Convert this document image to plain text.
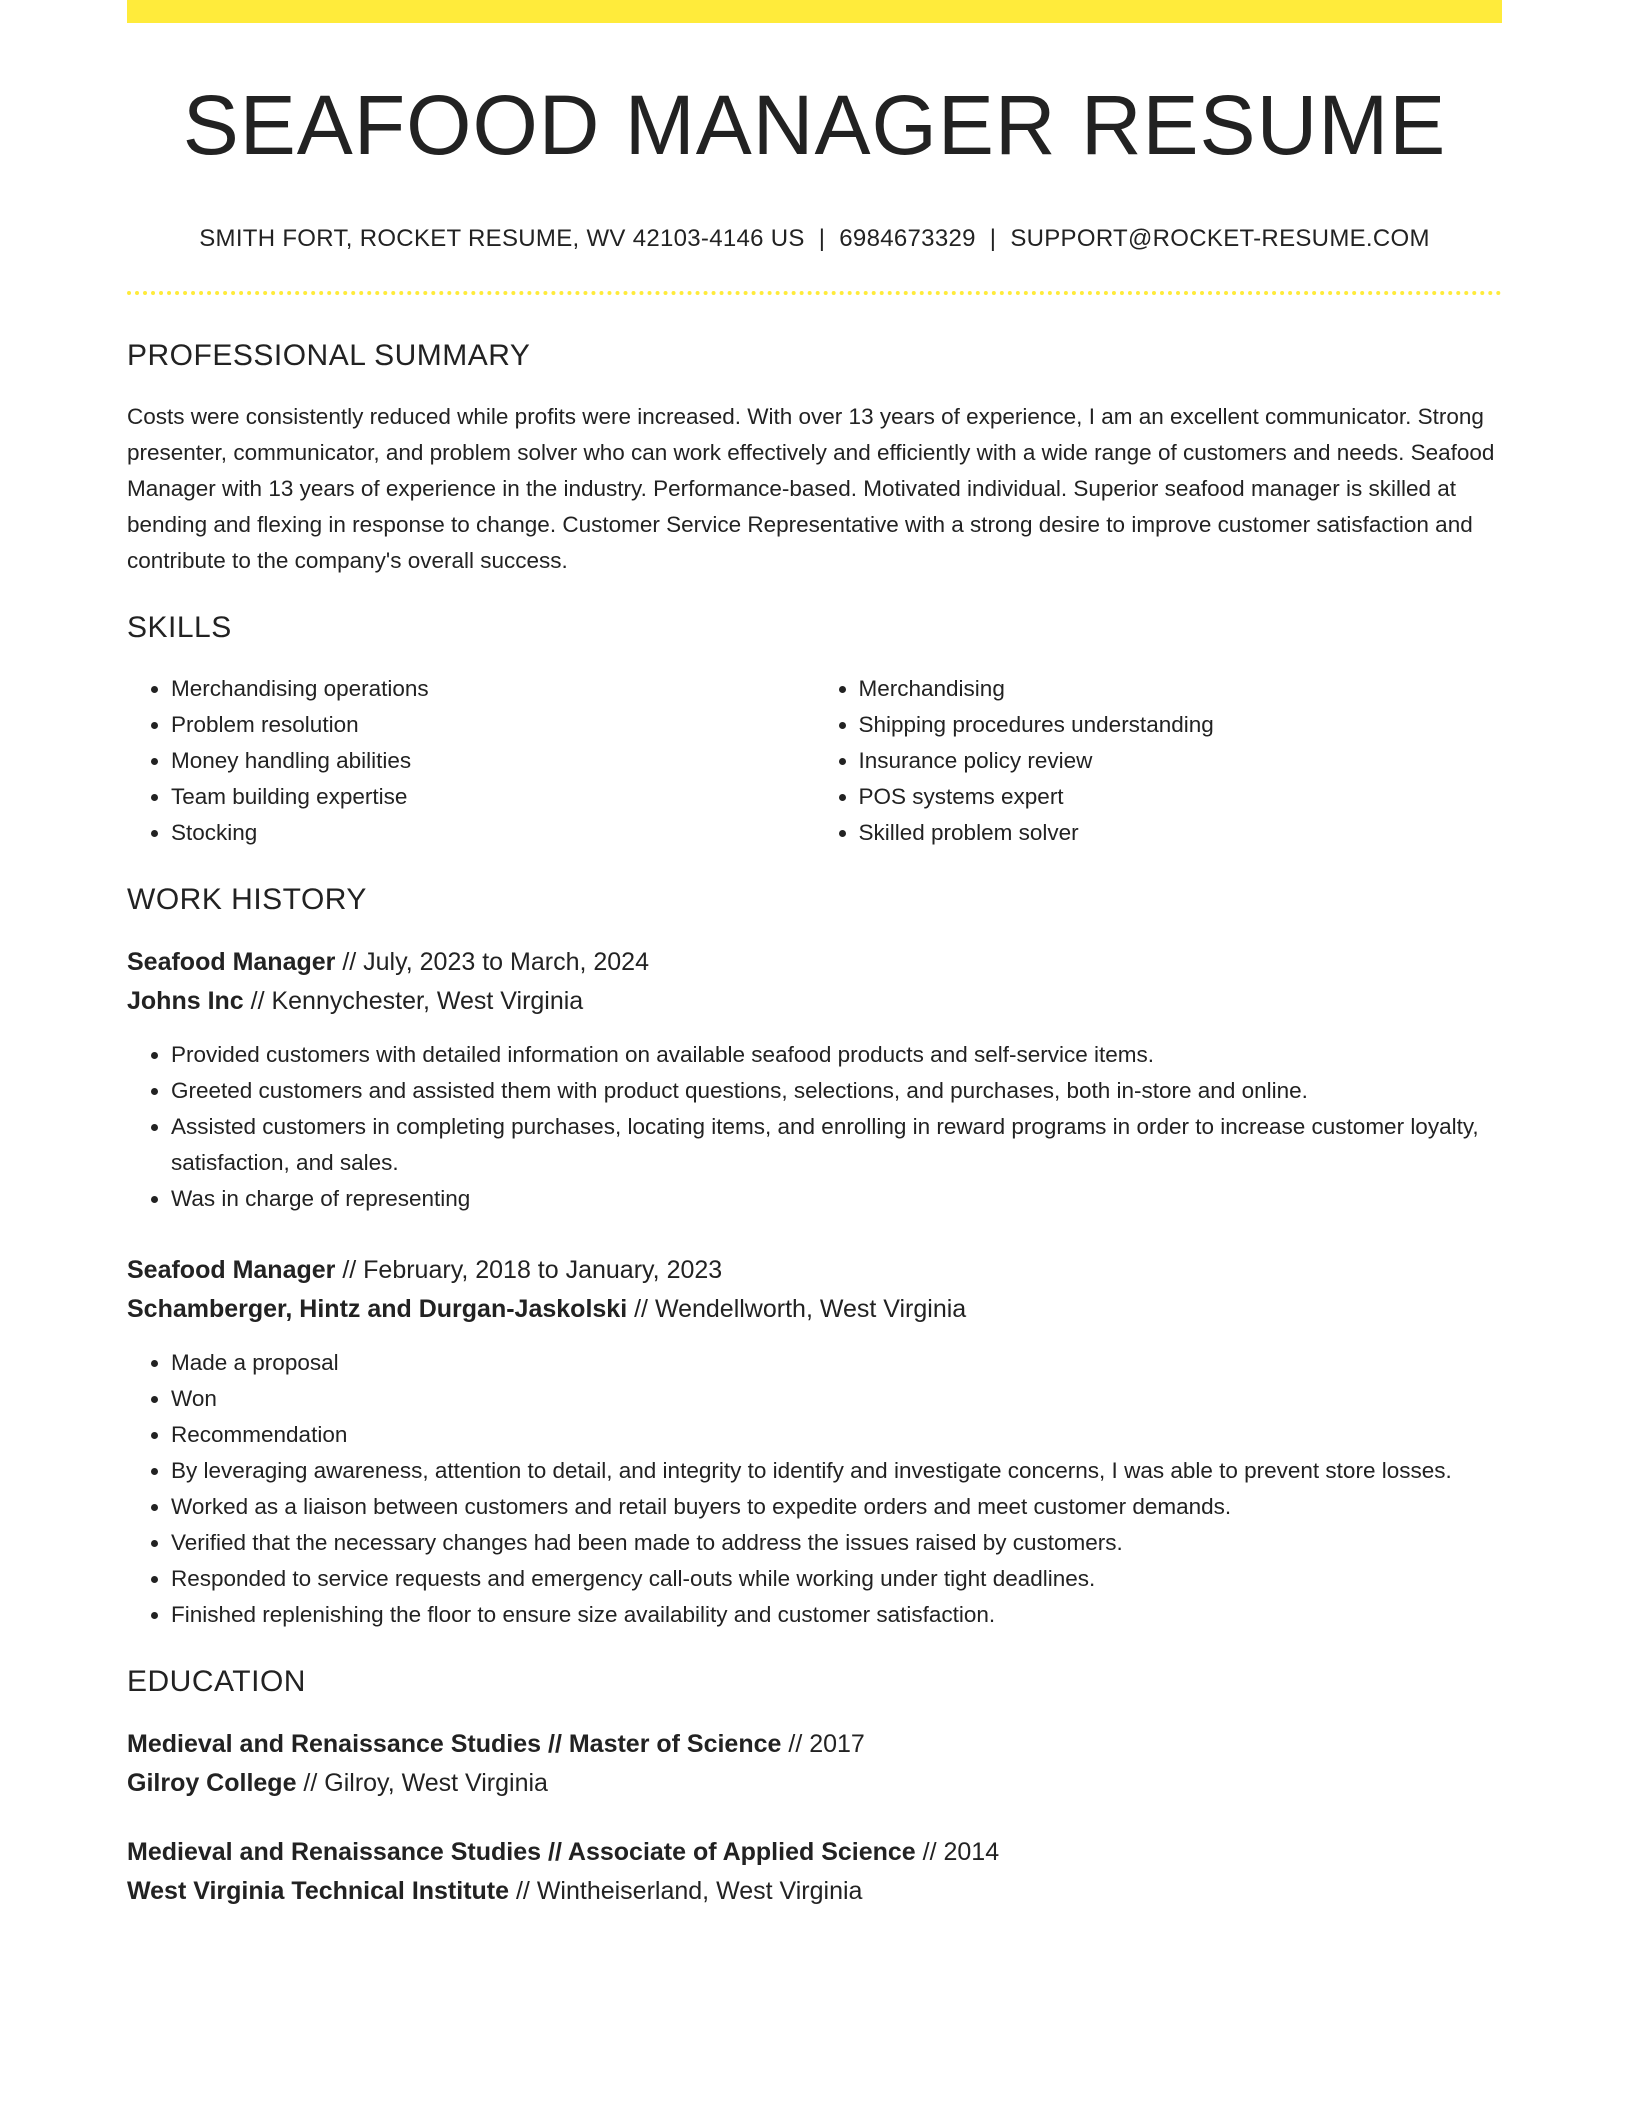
SEAFOOD MANAGER RESUME
SMITH FORT, ROCKET RESUME, WV 42103-4146 US | 6984673329 | SUPPORT@ROCKET-RESUME.COM
PROFESSIONAL SUMMARY

Costs were consistently reduced while profits were increased. With over 13 years of experience, I am an excellent communicator. Strong presenter, communicator, and problem solver who can work effectively and efficiently with a wide range of customers and needs. Seafood Manager with 13 years of experience in the industry. Performance-based. Motivated individual. Superior seafood manager is skilled at bending and flexing in response to change. Customer Service Representative with a strong desire to improve customer satisfaction and contribute to the company's overall success.

SKILLS
• Merchandising operations
• Problem resolution
• Money handling abilities
• Team building expertise
• Stocking
• Merchandising
• Shipping procedures understanding
• Insurance policy review
• POS systems expert
• Skilled problem solver
WORK HISTORY
Seafood Manager // July, 2023 to March, 2024
Johns Inc // Kennychester, West Virginia
• Provided customers with detailed information on available seafood products and self-service items.
• Greeted customers and assisted them with product questions, selections, and purchases, both in-store and online.
• Assisted customers in completing purchases, locating items, and enrolling in reward programs in order to increase customer loyalty, satisfaction, and sales.
• Was in charge of representing
Seafood Manager // February, 2018 to January, 2023
Schamberger, Hintz and Durgan-Jaskolski // Wendellworth, West Virginia
• Made a proposal
• Won
• Recommendation
• By leveraging awareness, attention to detail, and integrity to identify and investigate concerns, I was able to prevent store losses.
• Worked as a liaison between customers and retail buyers to expedite orders and meet customer demands.
• Verified that the necessary changes had been made to address the issues raised by customers.
• Responded to service requests and emergency call-outs while working under tight deadlines.
• Finished replenishing the floor to ensure size availability and customer satisfaction.
EDUCATION
Medieval and Renaissance Studies // Master of Science // 2017
Gilroy College // Gilroy, West Virginia
Medieval and Renaissance Studies // Associate of Applied Science // 2014
West Virginia Technical Institute // Wintheiserland, West Virginia
